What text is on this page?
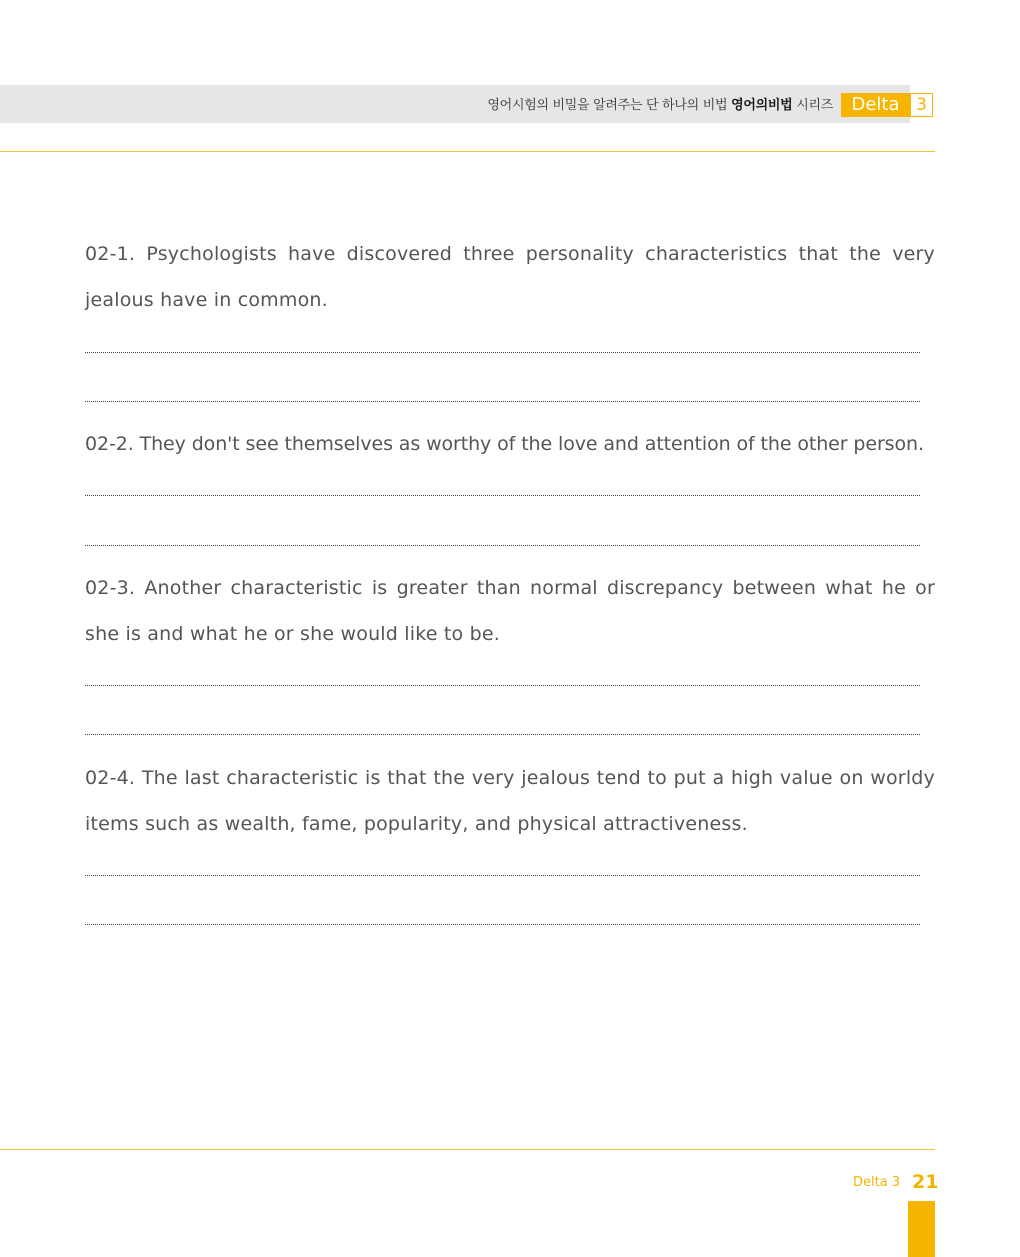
영어시험의 비밀을 알려주는 단 하나의 비법 영어의비법 시리즈	Delta 3

02-1. Psychologists have discovered three personality characteristics that the very jealous have in common.

02-2. They don't see themselves as worthy of the love and attention of the other person.

02-3. Another characteristic is greater than normal discrepancy between what he or she is and what he or she would like to be.

02-4. The last characteristic is that the very jealous tend to put a high value on worldy items such as wealth, fame, popularity, and physical attractiveness.

Delta 3 21
